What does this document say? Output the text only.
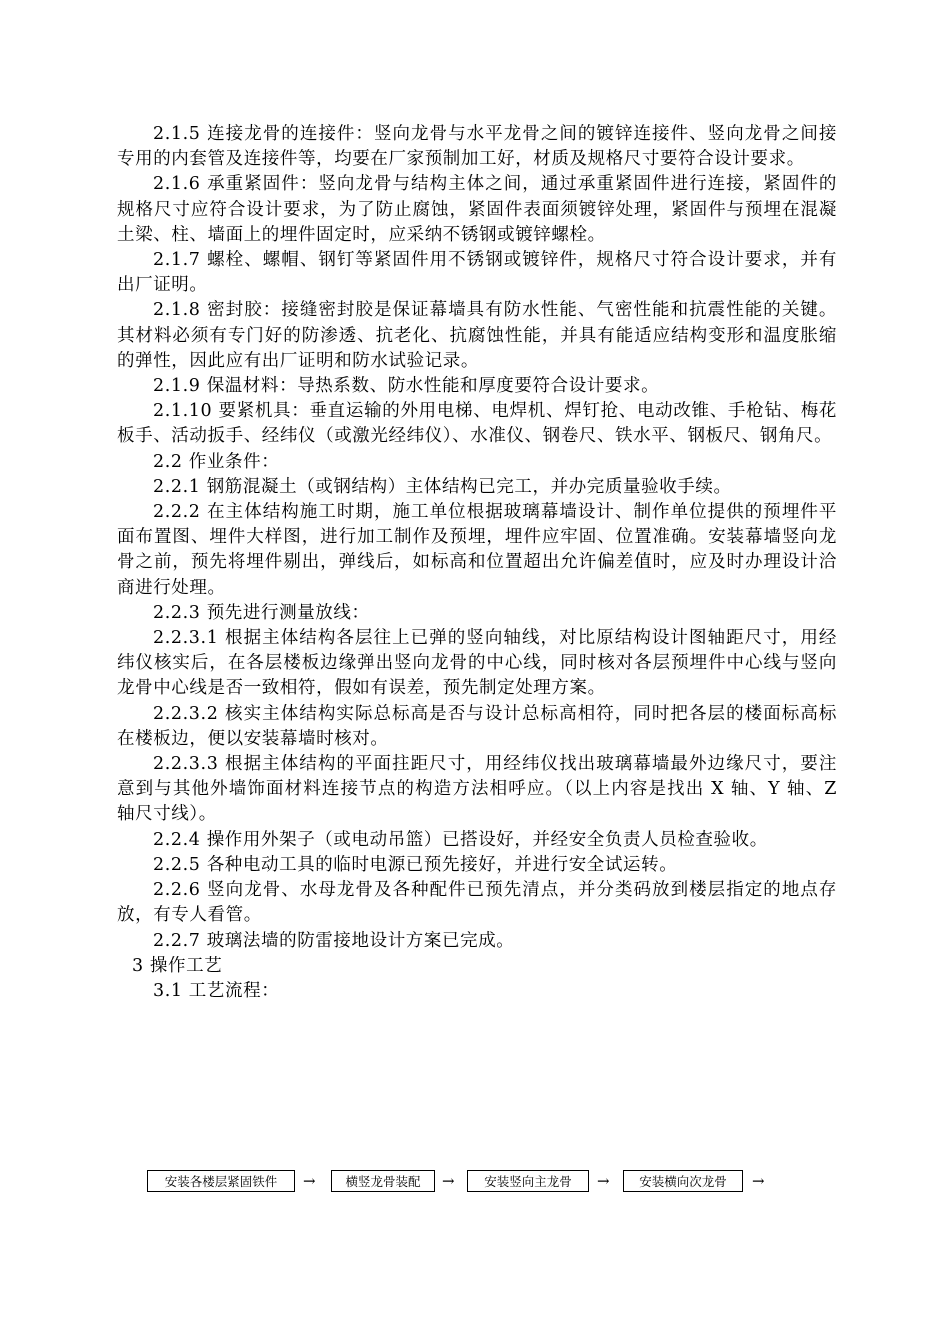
2.1.5 连接龙骨的连接件：竖向龙骨与水平龙骨之间的镀锌连接件、竖向龙骨之间接专用的内套管及连接件等，均要在厂家预制加工好，材质及规格尺寸要符合设计要求。

2.1.6 承重紧固件：竖向龙骨与结构主体之间，通过承重紧固件进行连接，紧固件的规格尺寸应符合设计要求，为了防止腐蚀，紧固件表面须镀锌处理，紧固件与预埋在混凝土梁、柱、墙面上的埋件固定时，应采纳不锈钢或镀锌螺栓。

2.1.7 螺栓、螺帽、钢钉等紧固件用不锈钢或镀锌件，规格尺寸符合设计要求，并有出厂证明。

2.1.8 密封胶：接缝密封胶是保证幕墙具有防水性能、气密性能和抗震性能的关键。其材料必须有专门好的防渗透、抗老化、抗腐蚀性能，并具有能适应结构变形和温度胀缩的弹性，因此应有出厂证明和防水试验记录。

2.1.9 保温材料：导热系数、防水性能和厚度要符合设计要求。

2.1.10 要紧机具：垂直运输的外用电梯、电焊机、焊钉抢、电动改锥、手枪钻、梅花板手、活动扳手、经纬仪（或激光经纬仪）、水准仪、钢卷尺、铁水平、钢板尺、钢角尺。

2.2 作业条件：

2.2.1 钢筋混凝土（或钢结构）主体结构已完工，并办完质量验收手续。

2.2.2 在主体结构施工时期，施工单位根据玻璃幕墙设计、制作单位提供的预埋件平面布置图、埋件大样图，进行加工制作及预埋，埋件应牢固、位置准确。安装幕墙竖向龙骨之前，预先将埋件剔出，弹线后，如标高和位置超出允许偏差值时，应及时办理设计洽商进行处理。

2.2.3 预先进行测量放线：

2.2.3.1 根据主体结构各层往上已弹的竖向轴线，对比原结构设计图轴距尺寸，用经纬仪核实后，在各层楼板边缘弹出竖向龙骨的中心线，同时核对各层预埋件中心线与竖向龙骨中心线是否一致相符，假如有误差，预先制定处理方案。

2.2.3.2 核实主体结构实际总标高是否与设计总标高相符，同时把各层的楼面标高标在楼板边，便以安装幕墙时核对。

2.2.3.3 根据主体结构的平面拄距尺寸，用经纬仪找出玻璃幕墙最外边缘尺寸，要注意到与其他外墙饰面材料连接节点的构造方法相呼应。（以上内容是找出 X 轴、Y 轴、Z 轴尺寸线）。

2.2.4 操作用外架子（或电动吊篮）已搭设好，并经安全负责人员检查验收。

2.2.5 各种电动工具的临时电源已预先接好，并进行安全试运转。

2.2.6 竖向龙骨、水母龙骨及各种配件已预先清点，并分类码放到楼层指定的地点存放，有专人看管。

2.2.7 玻璃法墙的防雷接地设计方案已完成。

3 操作工艺

3.1 工艺流程：

安装各楼层紧固铁件	→	横竖龙骨装配	→	安装竖向主龙骨	→	安装横向次龙骨	→
